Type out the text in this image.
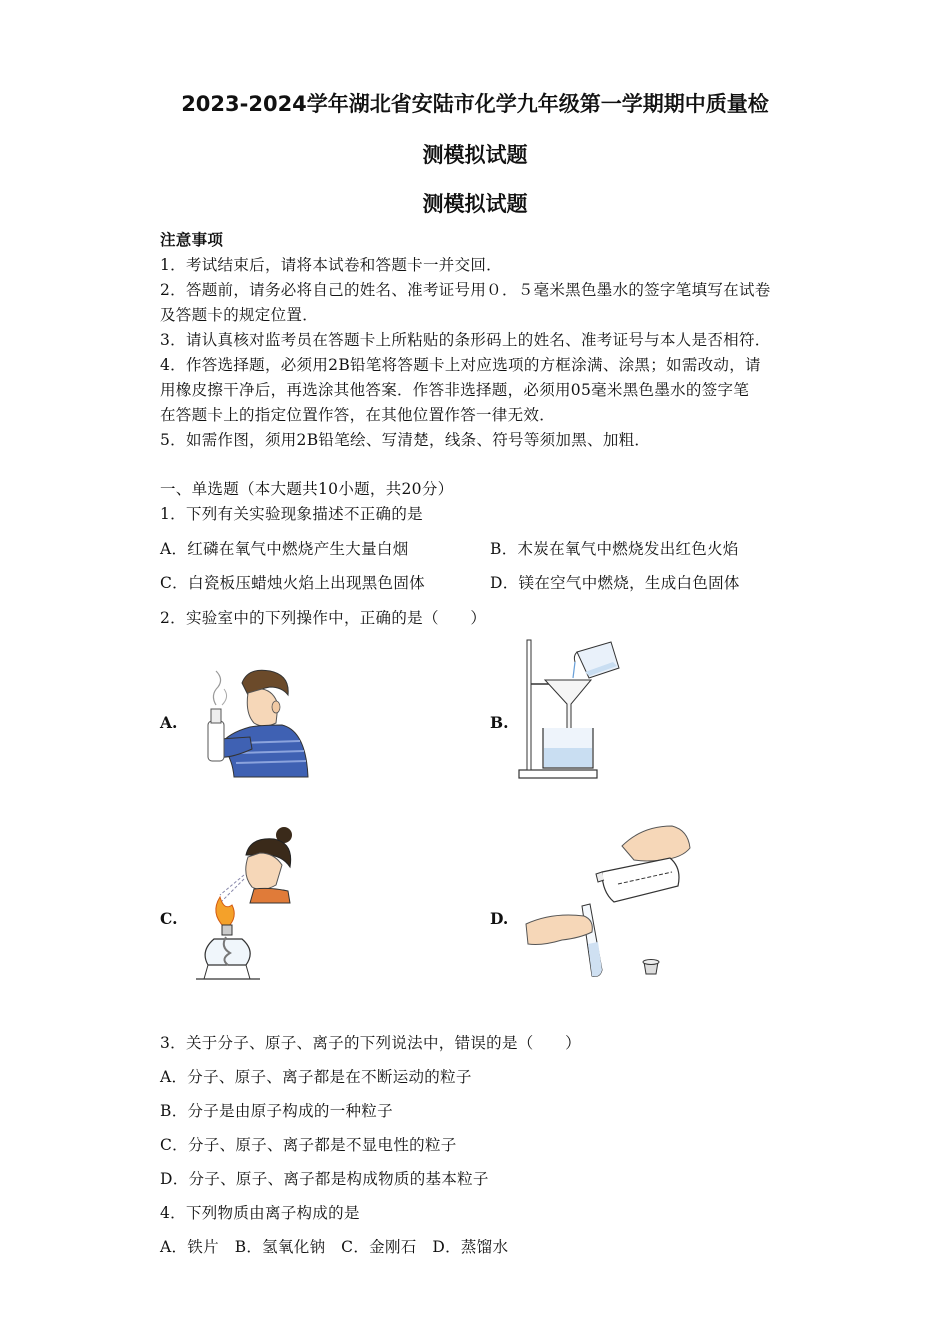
2023-2024学年湖北省安陆市化学九年级第一学期期中质量检
测模拟试题
测模拟试题
注意事项
1．考试结束后，请将本试卷和答题卡一并交回．
2．答题前，请务必将自己的姓名、准考证号用０．５毫米黑色墨水的签字笔填写在试卷
及答题卡的规定位置．
3．请认真核对监考员在答题卡上所粘贴的条形码上的姓名、准考证号与本人是否相符．
4．作答选择题，必须用2B铅笔将答题卡上对应选项的方框涂满、涂黑；如需改动，请
用橡皮擦干净后，再选涂其他答案．作答非选择题，必须用05毫米黑色墨水的签字笔
在答题卡上的指定位置作答，在其他位置作答一律无效．
5．如需作图，须用2B铅笔绘、写清楚，线条、符号等须加黑、加粗．
一、单选题（本大题共10小题，共20分）
1．下列有关实验现象描述不正确的是
A．红磷在氧气中燃烧产生大量白烟	B．木炭在氧气中燃烧发出红色火焰
C．白瓷板压蜡烛火焰上出现黑色固体	D．镁在空气中燃烧，生成白色固体
2．实验室中的下列操作中，正确的是（　　）
A.	B.
C.	D.
3．关于分子、原子、离子的下列说法中，错误的是（　　）
A．分子、原子、离子都是在不断运动的粒子
B．分子是由原子构成的一种粒子
C．分子、原子、离子都是不显电性的粒子
D．分子、原子、离子都是构成物质的基本粒子
4．下列物质由离子构成的是
A．铁片　B．氢氧化钠　C．金刚石　D．蒸馏水
